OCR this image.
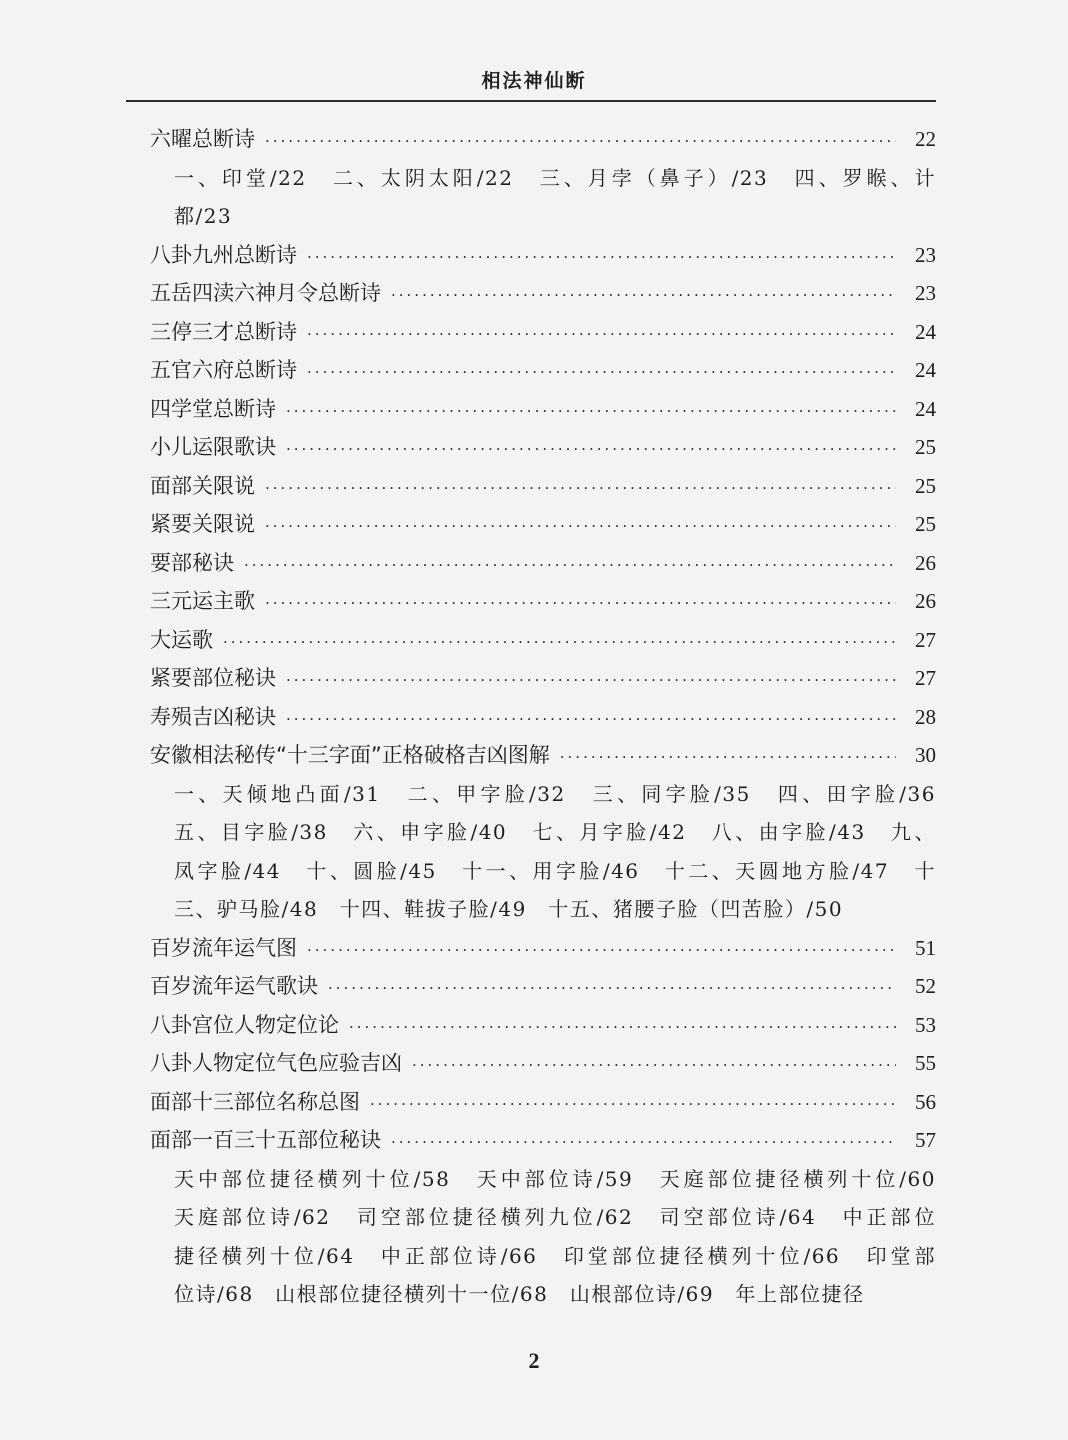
相法神仙断
六曜总断诗 ·····	22
一、印堂/22　二、太阴太阳/22　三、月孛（鼻子）/23　四、罗睺、计
都/23
八卦九州总断诗 ·····	23
五岳四渎六神月令总断诗 ·····	23
三停三才总断诗 ·····	24
五官六府总断诗 ·····	24
四学堂总断诗 ·····	24
小儿运限歌诀 ·····	25
面部关限说 ·····	25
紧要关限说 ·····	25
要部秘诀 ·····	26
三元运主歌 ·····	26
大运歌 ·····	27
紧要部位秘诀 ·····	27
寿殒吉凶秘诀 ·····	28
安徽相法秘传“十三字面”正格破格吉凶图解 ·····	30
一、天倾地凸面/31　二、甲字脸/32　三、同字脸/35　四、田字脸/36
五、目字脸/38　六、申字脸/40　七、月字脸/42　八、由字脸/43　九、
凤字脸/44　十、圆脸/45　十一、用字脸/46　十二、天圆地方脸/47　十
三、驴马脸/48　十四、鞋拔子脸/49　十五、猪腰子脸（凹苦脸）/50
百岁流年运气图 ·····	51
百岁流年运气歌诀 ·····	52
八卦宫位人物定位论 ·····	53
八卦人物定位气色应验吉凶 ·····	55
面部十三部位名称总图 ·····	56
面部一百三十五部位秘诀 ·····	57
天中部位捷径横列十位/58　天中部位诗/59　天庭部位捷径横列十位/60
天庭部位诗/62　司空部位捷径横列九位/62　司空部位诗/64　中正部位
捷径横列十位/64　中正部位诗/66　印堂部位捷径横列十位/66　印堂部
位诗/68　山根部位捷径横列十一位/68　山根部位诗/69　年上部位捷径
2
